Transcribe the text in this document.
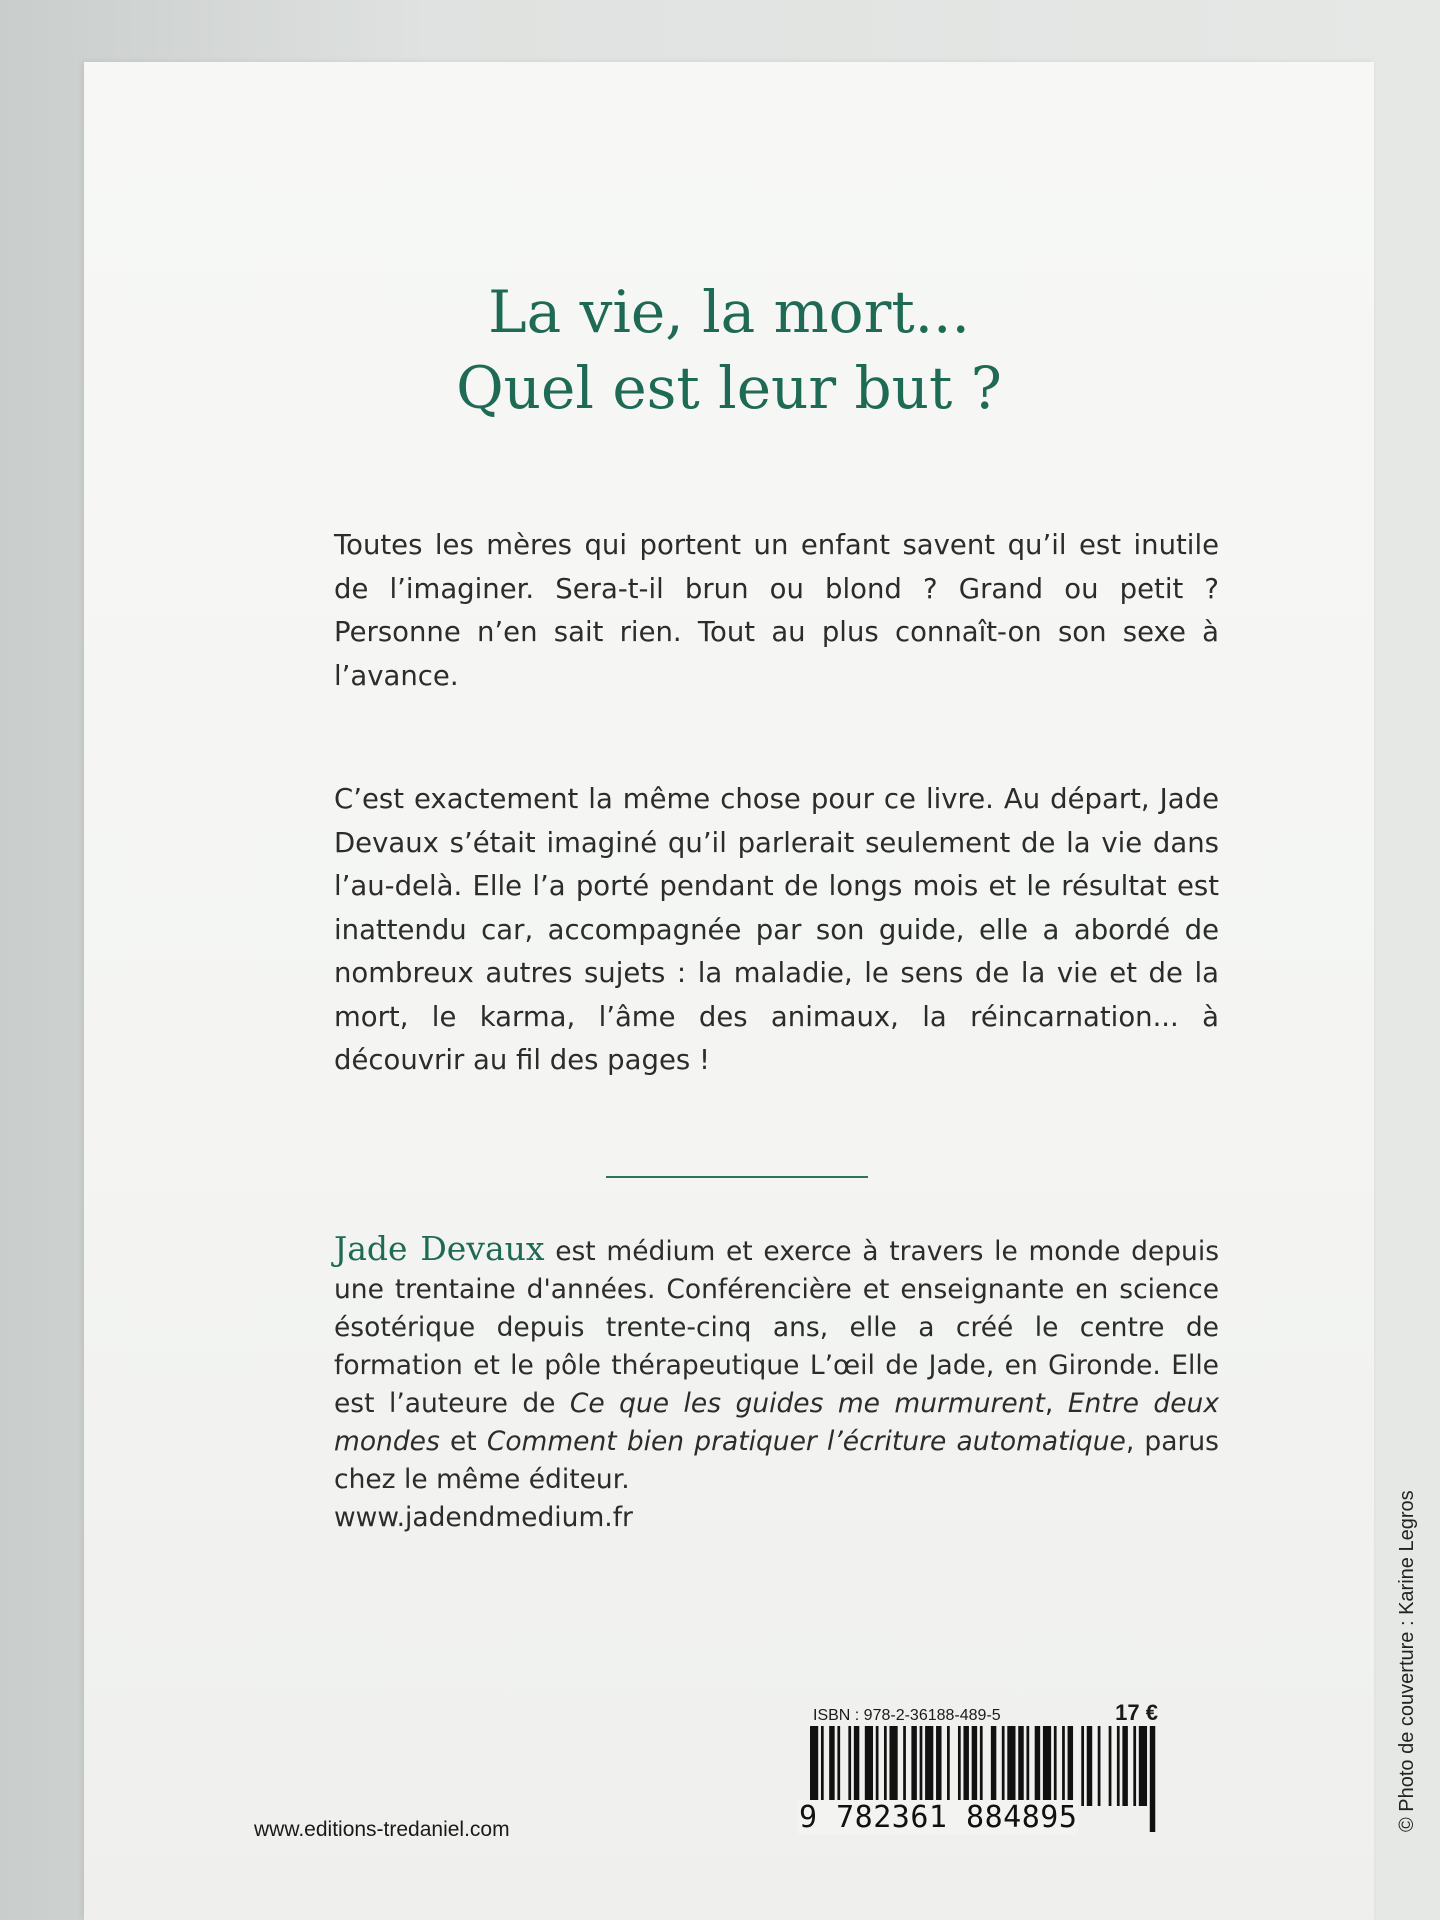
La vie, la mort...
Quel est leur but ?

Toutes les mères qui portent un enfant savent qu’il est inutile de l’imaginer. Sera-t-il brun ou blond ? Grand ou petit ? Personne n’en sait rien. Tout au plus connaît-on son sexe à l’avance.

C’est exactement la même chose pour ce livre. Au départ, Jade Devaux s’était imaginé qu’il parlerait seulement de la vie dans l’au-delà. Elle l’a porté pendant de longs mois et le résultat est inattendu car, accompagnée par son guide, elle a abordé de nombreux autres sujets : la maladie, le sens de la vie et de la mort, le karma, l’âme des animaux, la réincarnation... à découvrir au fil des pages !

Jade Devaux est médium et exerce à travers le monde depuis une trentaine d'années. Conférencière et enseignante en science ésotérique depuis trente-cinq ans, elle a créé le centre de formation et le pôle thérapeutique L’œil de Jade, en Gironde. Elle est l’auteure de Ce que les guides me murmurent, Entre deux mondes et Comment bien pratiquer l’écriture automatique, parus chez le même éditeur.
www.jadendmedium.fr

www.editions-tredaniel.com
ISBN : 978-2-36188-489-5	17 €
9 782361 884895	© Photo de couverture : Karine Legros
